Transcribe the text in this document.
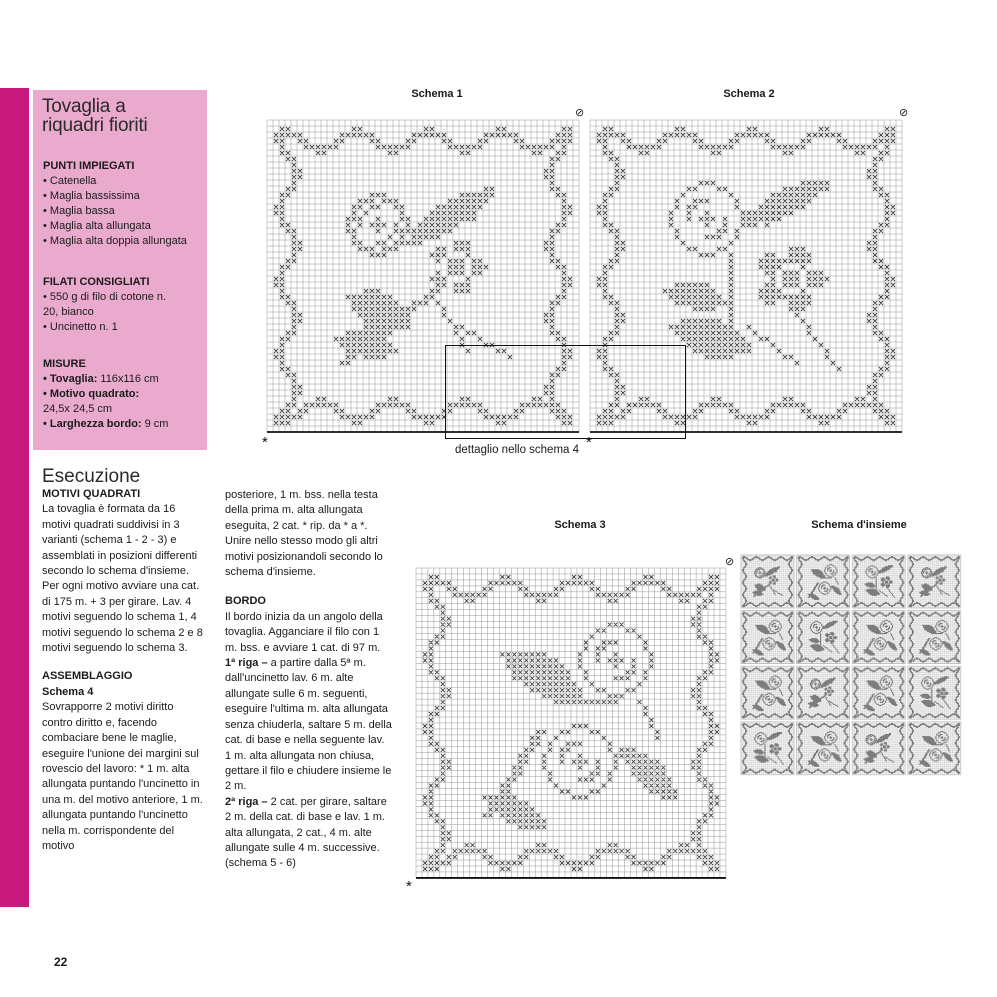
Tovaglia a riquadri fioriti

PUNTI IMPIEGATI

• Catenella

• Maglia bassissima

• Maglia bassa

• Maglia alta allungata

• Maglia alta doppia allungata

FILATI CONSIGLIATI

• 550 g di filo di cotone n. 20, bianco

• Uncinetto n. 1

MISURE

• Tovaglia: 116x116 cm

• Motivo quadrato:
24,5x 24,5 cm

• Larghezza bordo: 9 cm

Esecuzione

MOTIVI QUADRATI

La tovaglia è formata da 16 motivi quadrati suddivisi in 3 varianti (schema 1 - 2 - 3) e assemblati in posizioni differenti secondo lo schema d'insieme.

Per ogni motivo avviare una cat. di 175 m. + 3 per girare. Lav. 4 motivi seguendo lo schema 1, 4 motivi seguendo lo schema 2 e 8 motivi seguendo lo schema 3.

ASSEMBLAGGIO

Schema 4

Sovrapporre 2 motivi diritto contro diritto e, facendo combaciare bene le maglie, eseguire l'unione dei margini sul rovescio del lavoro: * 1 m. alta allungata puntando l'uncinetto in una m. del motivo anteriore, 1 m. allungata puntando l'uncinetto nella m. corrispondente del motivo

posteriore, 1 m. bss. nella testa della prima m. alta allungata eseguita, 2 cat. * rip. da * a *. Unire nello stesso modo gli altri motivi posizionandoli secondo lo schema d'insieme.

BORDO

Il bordo inizia da un angolo della tovaglia. Agganciare il filo con 1 m. bss. e avviare 1 cat. di 97 m.

1ª riga – a partire dalla 5ª m. dall'uncinetto lav. 6 m. alte allungate sulle 6 m. seguenti, eseguire l'ultima m. alta allungata senza chiuderla, saltare 5 m. della cat. di base e nella seguente lav. 1 m. alta allungata non chiusa, gettare il filo e chiudere insieme le 2 m.

2ª riga – 2 cat. per girare, saltare 2 m. della cat. di base e lav. 1 m. alta allungata, 2 cat., 4 m. alte allungate sulle 4 m. successive. (schema 5 - 6)

Schema 1	Schema 2
Schema 3	Schema d'insieme
⊘	⊘
⊘
*	*
*
dettaglio nello schema 4
22
